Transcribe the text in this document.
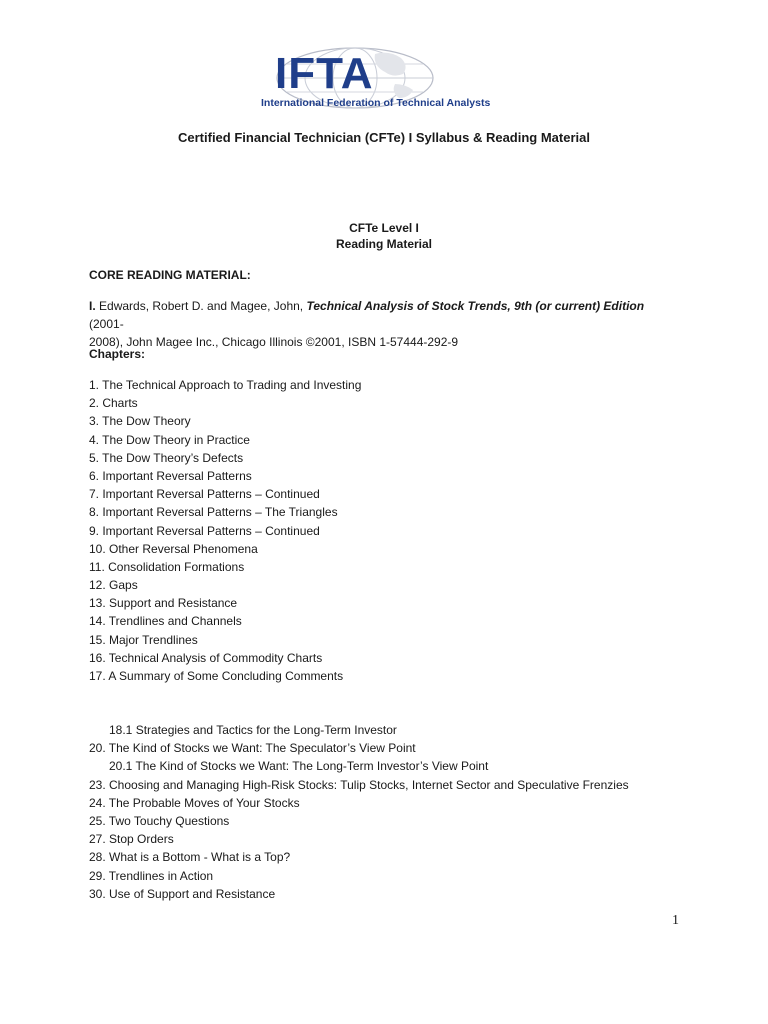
IFTA
International Federation of Technical Analysts
Certified Financial Technician (CFTe) I Syllabus & Reading Material
CFTe Level I
Reading Material
CORE READING MATERIAL:
I. Edwards, Robert D. and Magee, John, Technical Analysis of Stock Trends, 9th (or current) Edition (2001-
2008), John Magee Inc., Chicago Illinois ©2001, ISBN 1-57444-292-9
Chapters:
1. The Technical Approach to Trading and Investing
2. Charts
3. The Dow Theory
4. The Dow Theory in Practice
5. The Dow Theory’s Defects
6. Important Reversal Patterns
7. Important Reversal Patterns – Continued
8. Important Reversal Patterns – The Triangles
9. Important Reversal Patterns – Continued
10. Other Reversal Phenomena
11. Consolidation Formations
12. Gaps
13. Support and Resistance
14. Trendlines and Channels
15. Major Trendlines
16. Technical Analysis of Commodity Charts
17. A Summary of Some Concluding Comments
18.1 Strategies and Tactics for the Long-Term Investor
20. The Kind of Stocks we Want: The Speculator’s View Point
20.1 The Kind of Stocks we Want: The Long-Term Investor’s View Point
23. Choosing and Managing High-Risk Stocks: Tulip Stocks, Internet Sector and Speculative Frenzies
24. The Probable Moves of Your Stocks
25. Two Touchy Questions
27. Stop Orders
28. What is a Bottom - What is a Top?
29. Trendlines in Action
30. Use of Support and Resistance
1
